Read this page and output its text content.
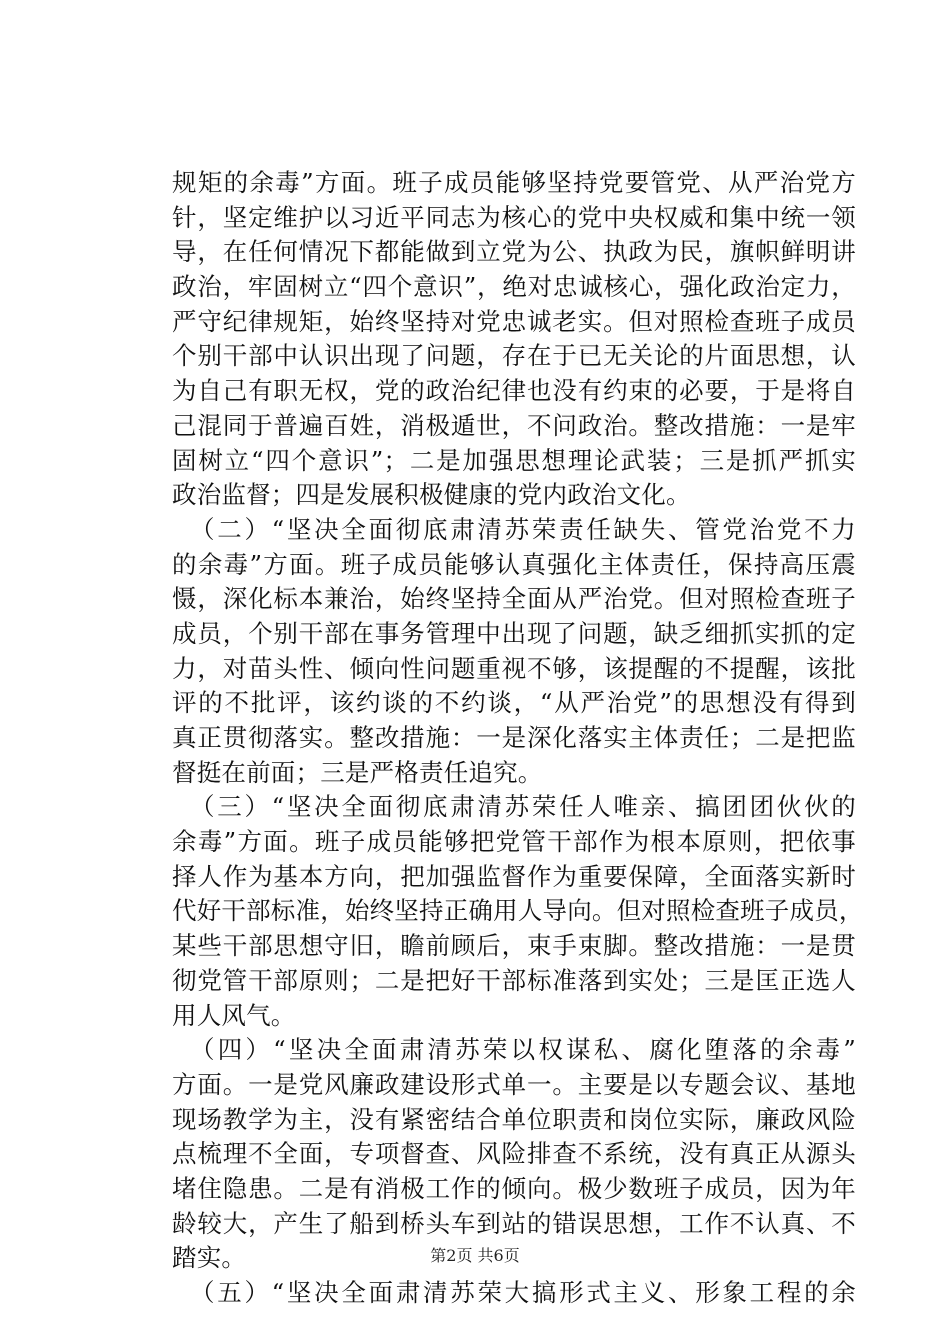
规矩的余毒”方面。班子成员能够坚持党要管党、从严治党方
针，坚定维护以习近平同志为核心的党中央权威和集中统一领
导，在任何情况下都能做到立党为公、执政为民，旗帜鲜明讲
政治，牢固树立“四个意识”，绝对忠诚核心，强化政治定力，
严守纪律规矩，始终坚持对党忠诚老实。但对照检查班子成员
个别干部中认识出现了问题，存在于已无关论的片面思想，认
为自己有职无权，党的政治纪律也没有约束的必要，于是将自
己混同于普遍百姓，消极遁世，不问政治。整改措施：一是牢
固树立“四个意识”；二是加强思想理论武装；三是抓严抓实
政治监督；四是发展积极健康的党内政治文化。
（二）“坚决全面彻底肃清苏荣责任缺失、管党治党不力
的余毒”方面。班子成员能够认真强化主体责任，保持高压震
慑，深化标本兼治，始终坚持全面从严治党。但对照检查班子
成员，个别干部在事务管理中出现了问题，缺乏细抓实抓的定
力，对苗头性、倾向性问题重视不够，该提醒的不提醒，该批
评的不批评，该约谈的不约谈，“从严治党”的思想没有得到
真正贯彻落实。整改措施：一是深化落实主体责任；二是把监
督挺在前面；三是严格责任追究。
（三）“坚决全面彻底肃清苏荣任人唯亲、搞团团伙伙的
余毒”方面。班子成员能够把党管干部作为根本原则，把依事
择人作为基本方向，把加强监督作为重要保障，全面落实新时
代好干部标准，始终坚持正确用人导向。但对照检查班子成员，
某些干部思想守旧，瞻前顾后，束手束脚。整改措施：一是贯
彻党管干部原则；二是把好干部标准落到实处；三是匡正选人
用人风气。
（四）“坚决全面肃清苏荣以权谋私、腐化堕落的余毒”
方面。一是党风廉政建设形式单一。主要是以专题会议、基地
现场教学为主，没有紧密结合单位职责和岗位实际，廉政风险
点梳理不全面，专项督查、风险排查不系统，没有真正从源头
堵住隐患。二是有消极工作的倾向。极少数班子成员，因为年
龄较大，产生了船到桥头车到站的错误思想，工作不认真、不
踏实。
（五）“坚决全面肃清苏荣大搞形式主义、形象工程的余
第2页 共6页
